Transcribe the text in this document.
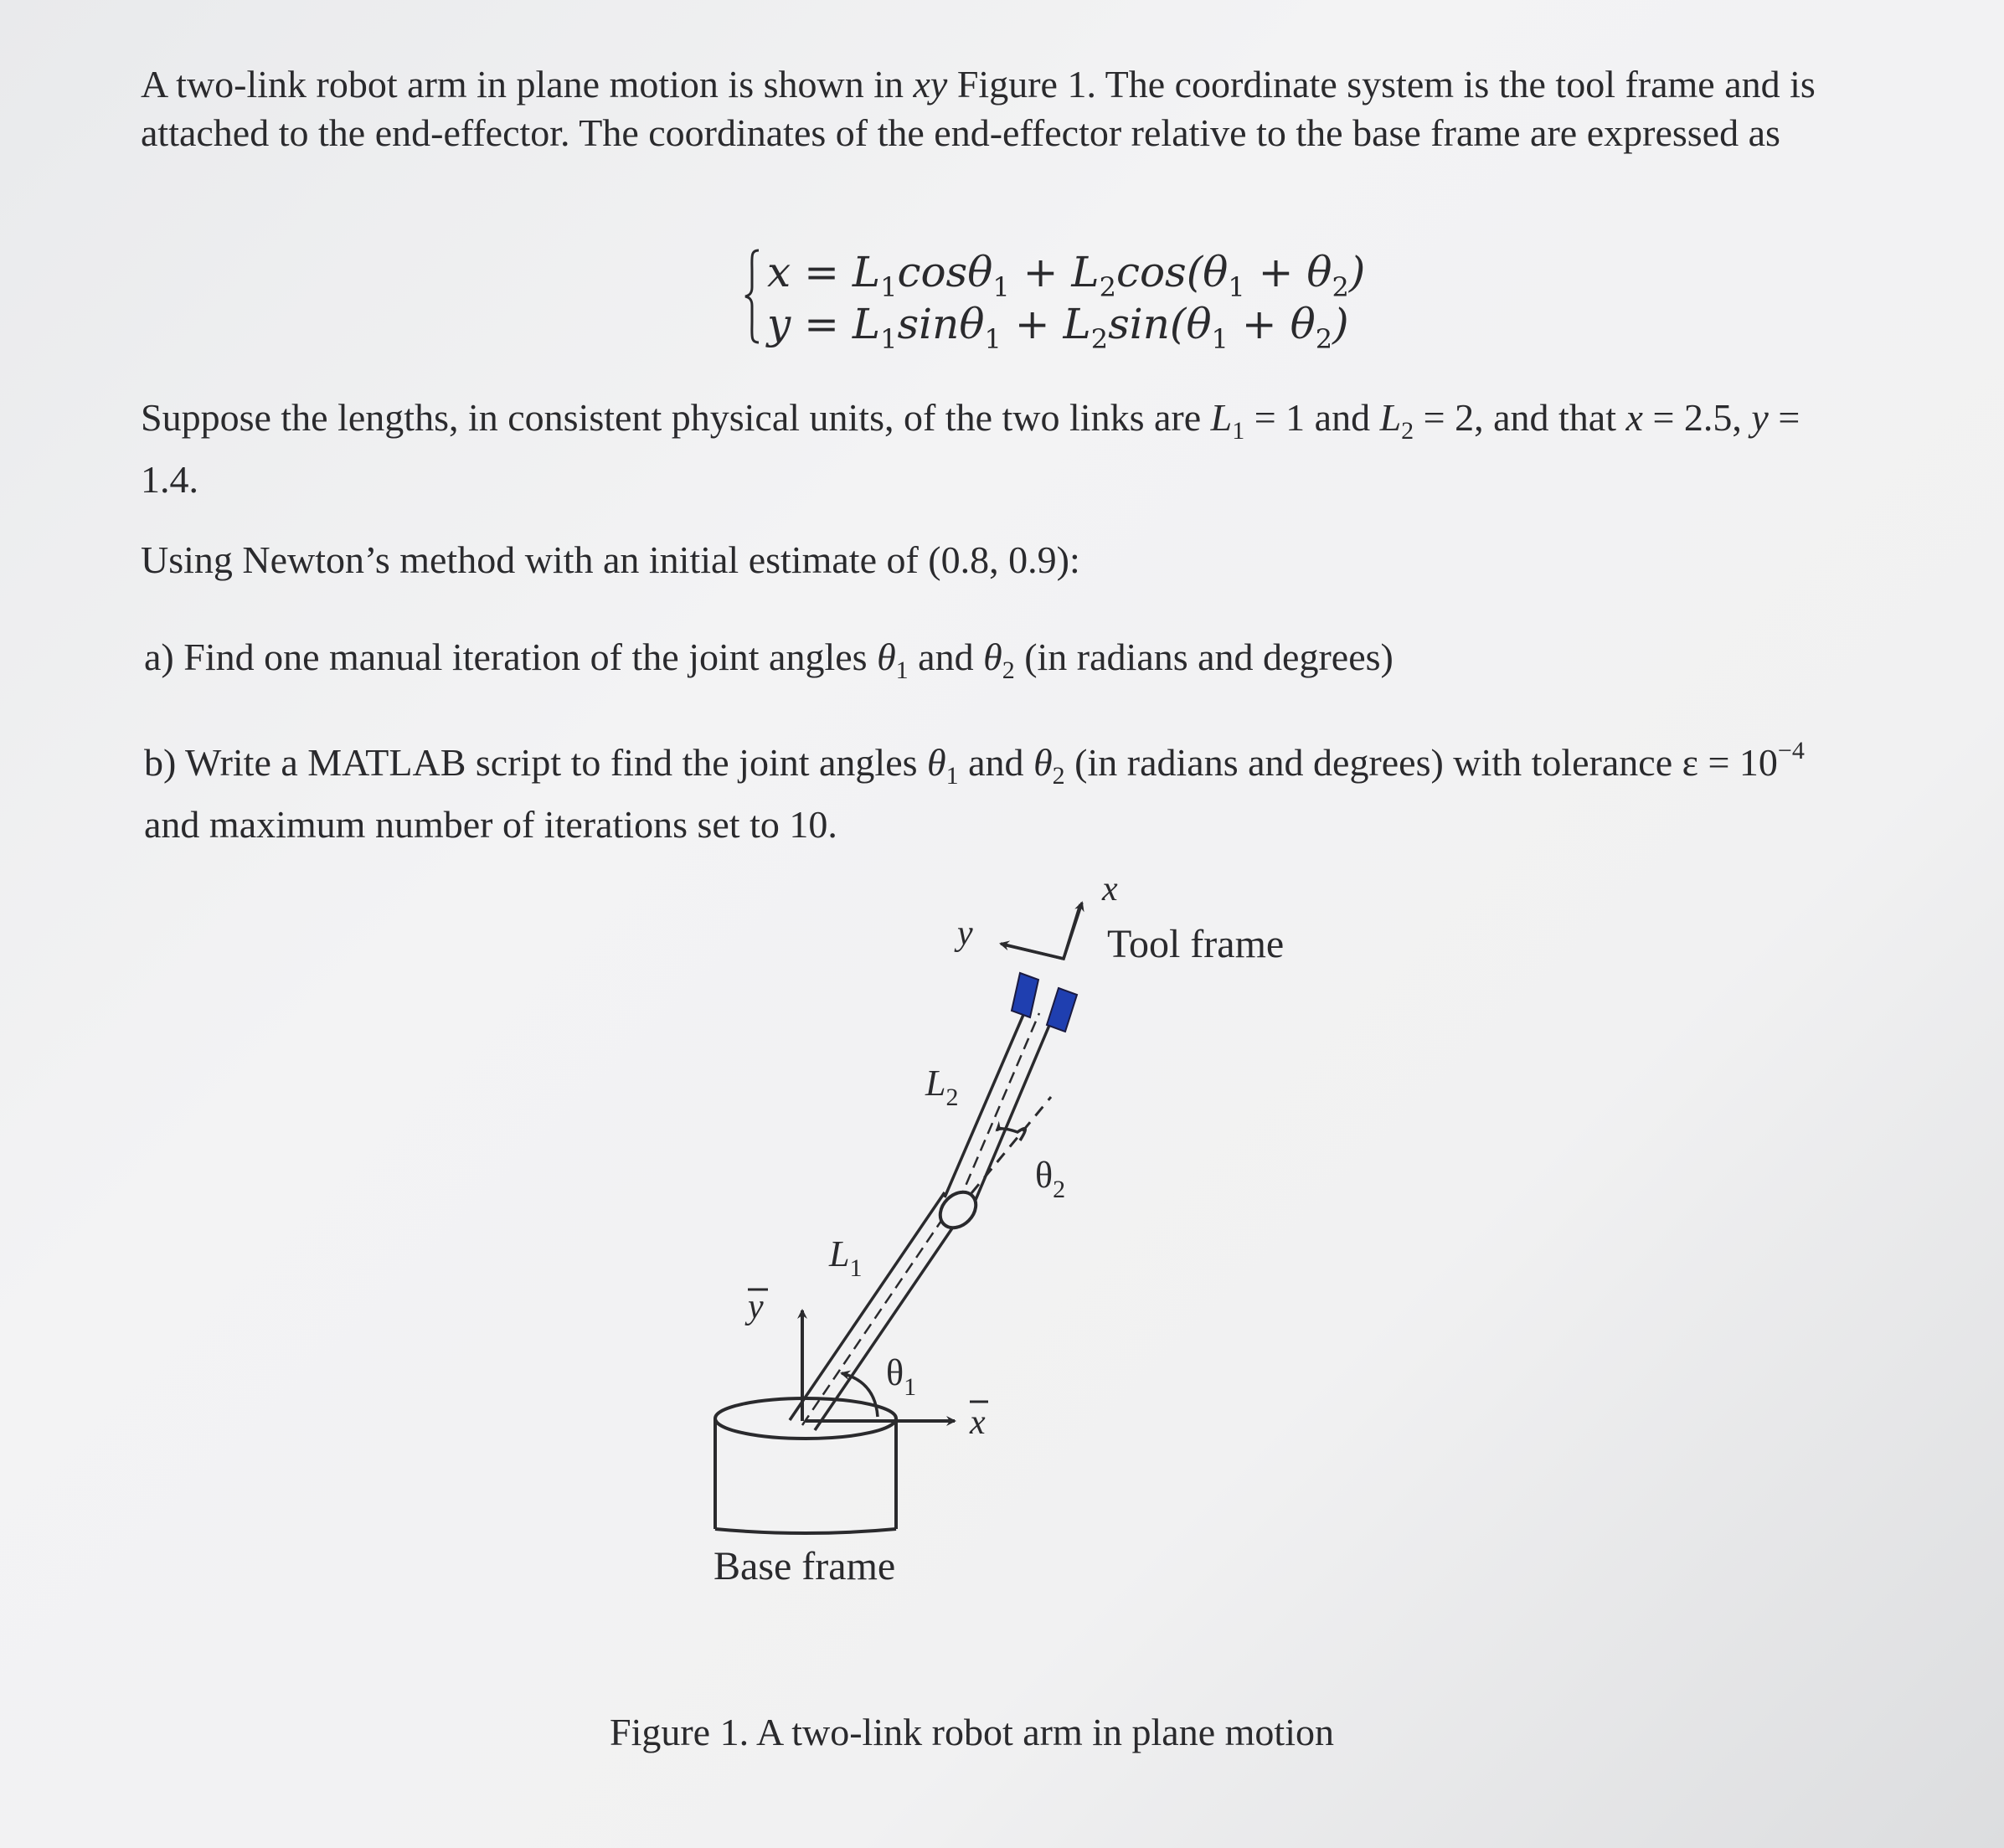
A two-link robot arm in plane motion is shown in xy Figure 1. The coordinate system is the tool frame and is attached to the end-effector. The coordinates of the end-effector relative to the base frame are expressed as

$x = L_1\cos\theta_1 + L_2\cos(\theta_1 + \theta_2)$
$y = L_1\sin\theta_1 + L_2\sin(\theta_1 + \theta_2)$

Suppose the lengths, in consistent physical units, of the two links are $L_1 = 1$ and $L_2 = 2$, and that x = 2.5, y = 1.4.

Using Newton’s method with an initial estimate of (0.8, 0.9):

a) Find one manual iteration of the joint angles $\theta_1$ and $\theta_2$ (in radians and degrees)

b) Write a MATLAB script to find the joint angles $\theta_1$ and $\theta_2$ (in radians and degrees) with tolerance $\varepsilon = 10^{-4}$ and maximum number of iterations set to 10.

x
y	Tool frame
$L_2$
$\theta_2$
$L_1$
y
$\theta_1$
x
Base frame
Figure 1. A two-link robot arm in plane motion
